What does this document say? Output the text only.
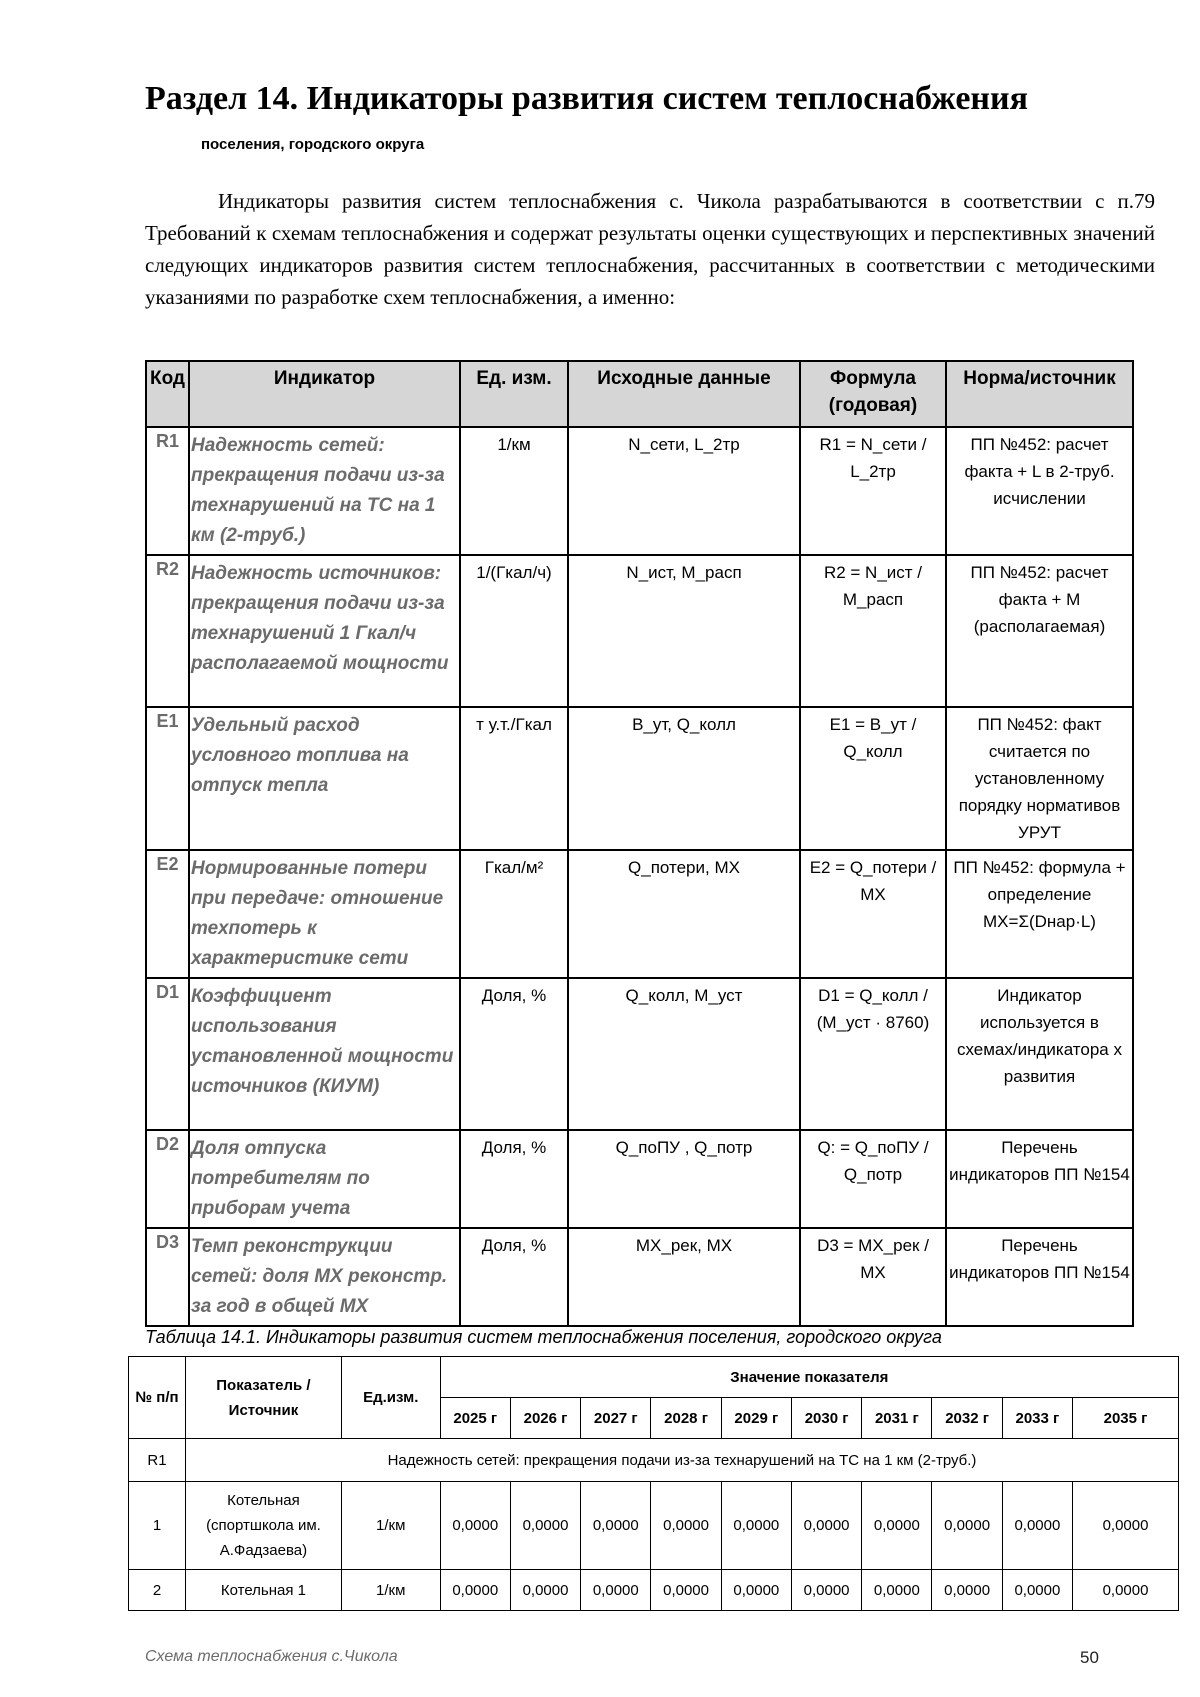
Раздел 14. Индикаторы развития систем теплоснабжения
поселения, городского округа

Индикаторы развития систем теплоснабжения с. Чикола разрабатываются в соответствии с п.79 Требований к схемам теплоснабжения и содержат результаты оценки существующих и перспективных значений следующих индикаторов развития систем теплоснабжения, рассчитанных в соответствии с методическими указаниями по разработке схем теплоснабжения, а именно:

Код	Индикатор	Ед. изм.	Исходные данные	Формула (годовая)	Норма/источник
R1	Надежность сетей: прекращения подачи из-за технарушений на ТС на 1 км (2-труб.)	1/км	N_сети, L_2тр	R1 = N_сети / L_2тр	ПП №452: расчет факта + L в 2-труб. исчислении
R2	Надежность источников: прекращения подачи из-за технарушений 1 Гкал/ч располагаемой мощности	1/(Гкал/ч)	N_ист, M_расп	R2 = N_ист / M_расп	ПП №452: расчет факта + M (располагаемая)
E1	Удельный расход условного топлива на отпуск тепла	т у.т./Гкал	B_ут, Q_колл	E1 = B_ут / Q_колл	ПП №452: факт считается по установленному порядку нормативов УРУТ
E2	Нормированные потери при передаче: отношение техпотерь к характеристике сети	Гкал/м²	Q_потери, MX	E2 = Q_потери / MX	ПП №452: формула + определение MX=Σ(Dнар·L)
D1	Коэффициент использования установленной мощности источников (КИУМ)	Доля, %	Q_колл, M_уст	D1 = Q_колл / (M_уст · 8760)	Индикатор используется в схемах/индикатора х развития
D2	Доля отпуска потребителям по приборам учета	Доля, %	Q_поПУ , Q_потр	Q: = Q_поПУ / Q_потр	Перечень индикаторов ПП №154
D3	Темп реконструкции сетей: доля MX реконстр. за год в общей MX	Доля, %	MX_рек, MX	D3 = MX_рек / MX	Перечень индикаторов ПП №154

Таблица 14.1. Индикаторы развития систем теплоснабжения поселения, городского округа

№ п/п	Показатель / Источник	Ед.изм.	Значение показателя									
			2025 г	2026 г	2027 г	2028 г	2029 г	2030 г	2031 г	2032 г	2033 г	2035 г
R1	Надежность сетей: прекращения подачи из-за технарушений на ТС на 1 км (2-труб.)											
1	Котельная (спортшкола им. А.Фадзаева)	1/км	0,0000	0,0000	0,0000	0,0000	0,0000	0,0000	0,0000	0,0000	0,0000	0,0000
2	Котельная 1	1/км	0,0000	0,0000	0,0000	0,0000	0,0000	0,0000	0,0000	0,0000	0,0000	0,0000
Схема теплоснабжения с.Чикола	50
